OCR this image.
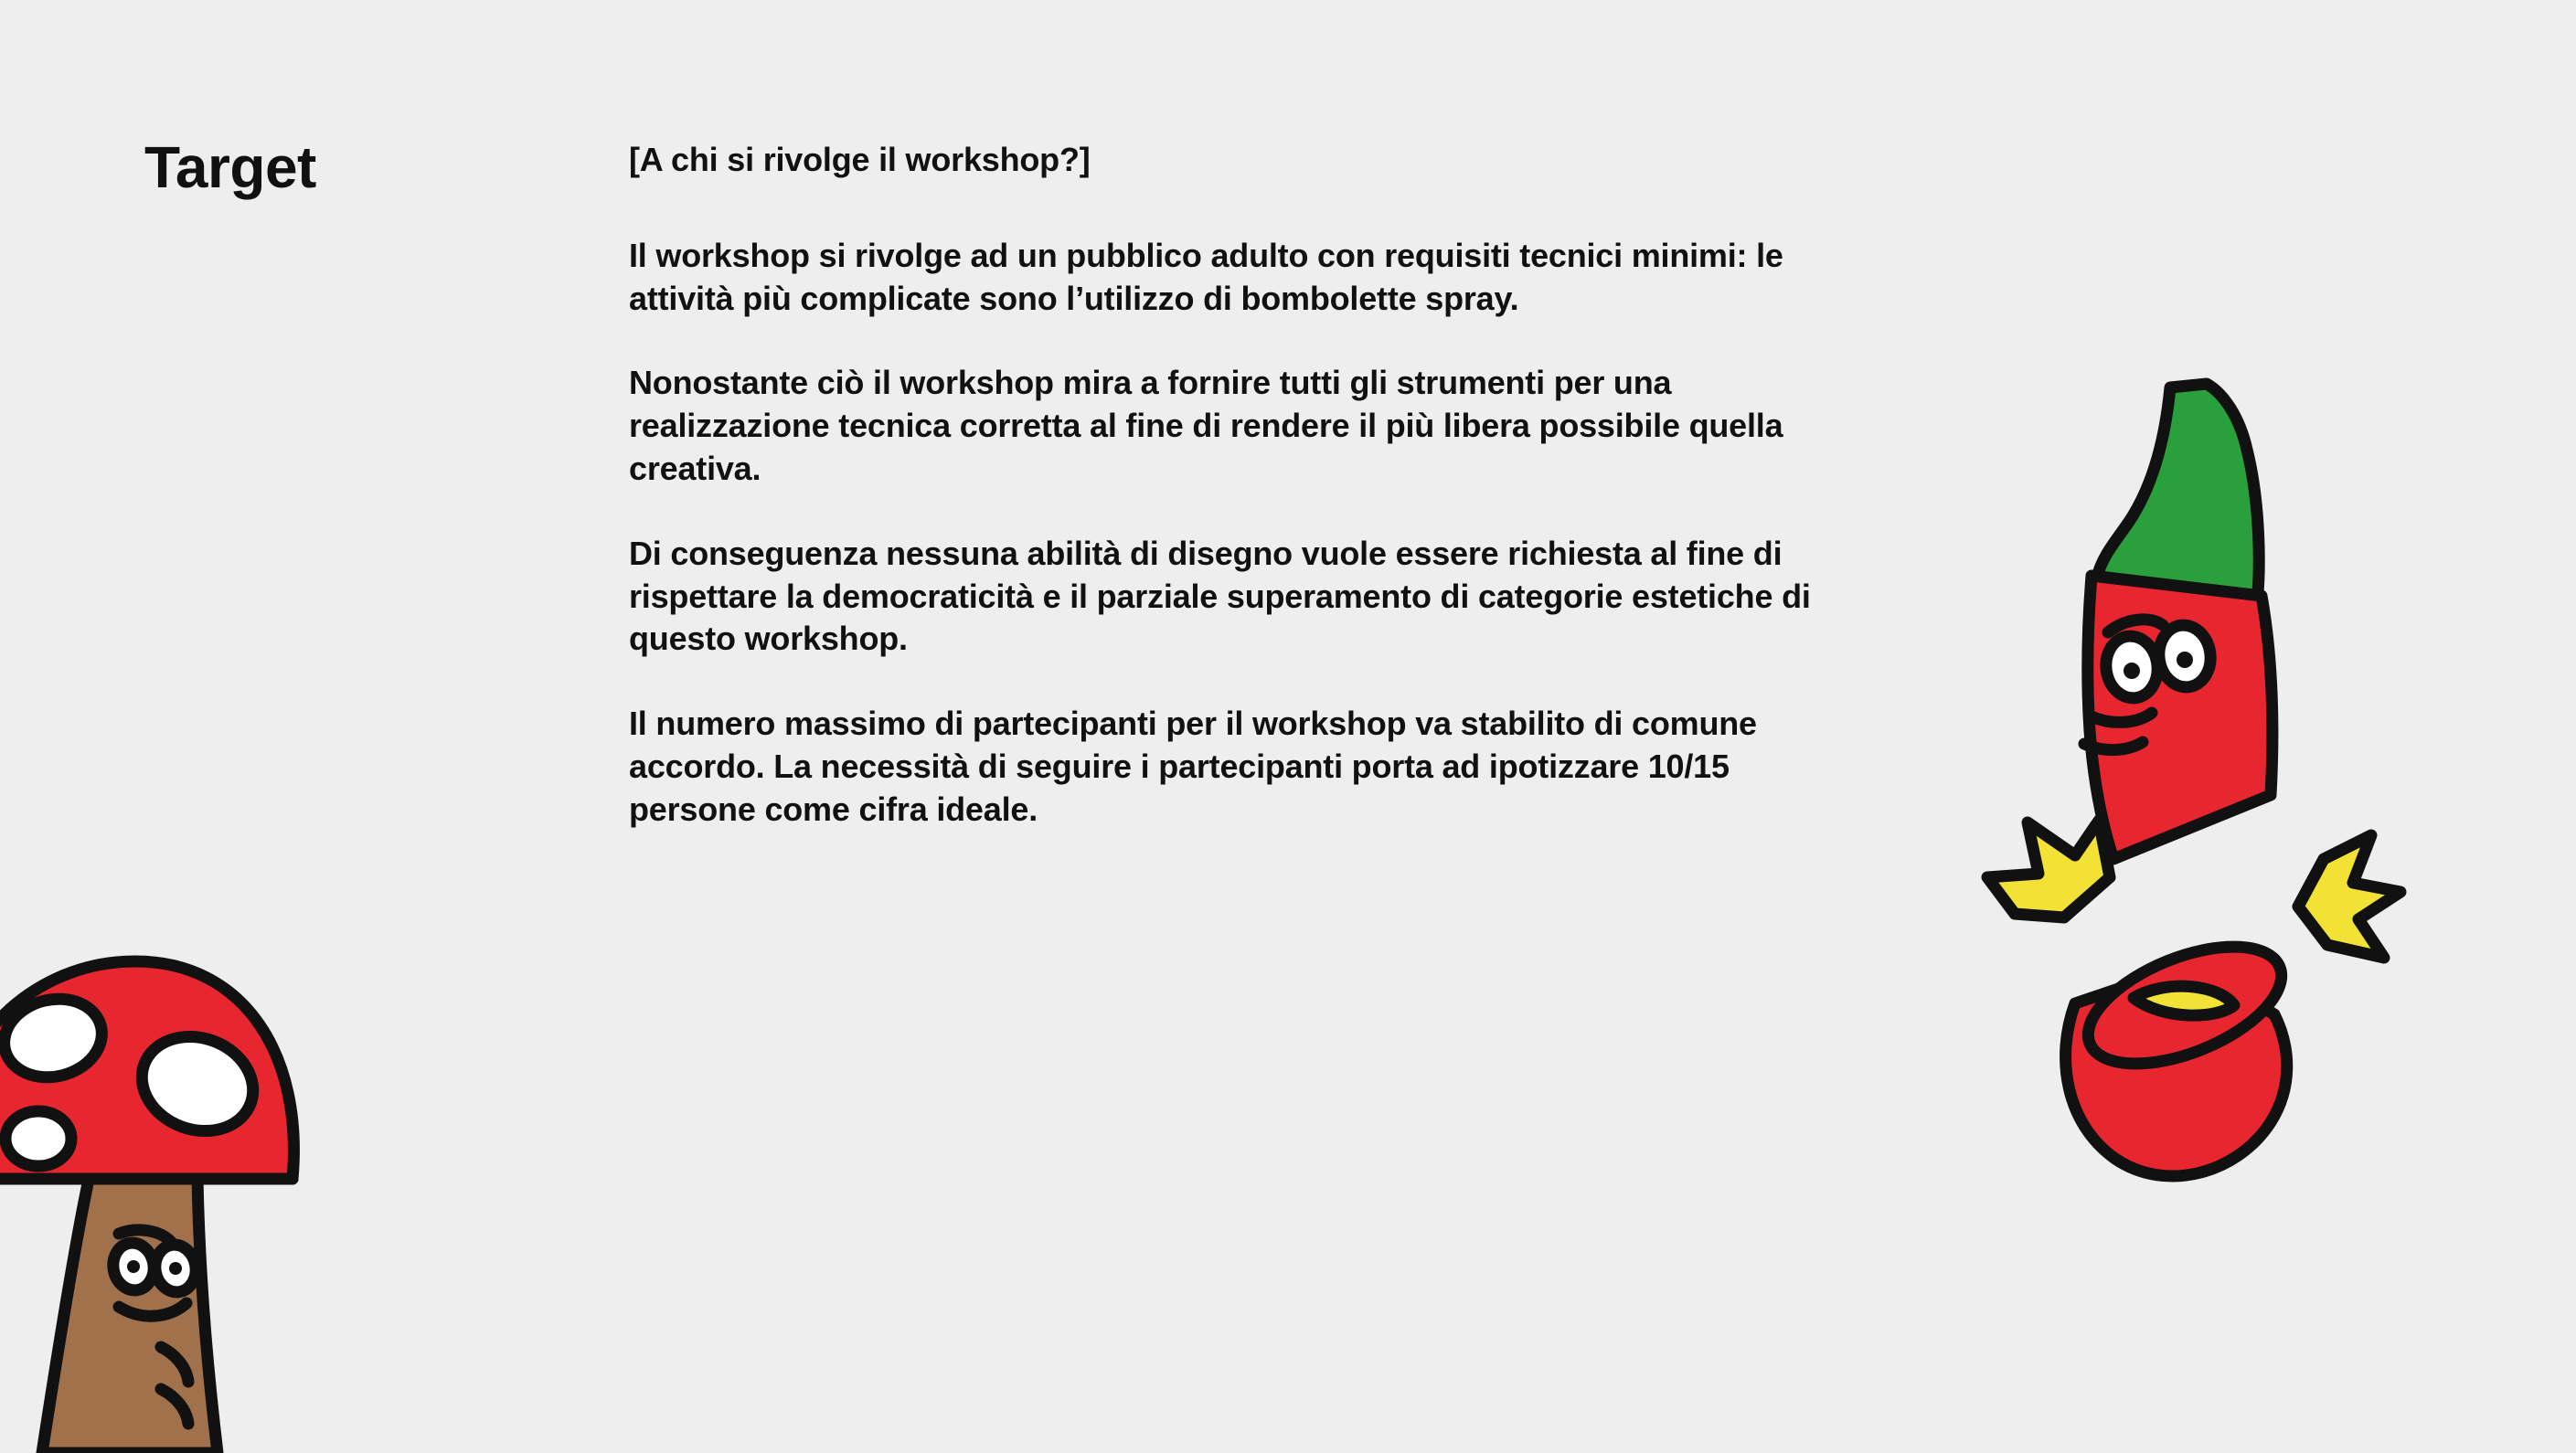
Target	[A chi si rivolge il workshop?]

Il workshop si rivolge ad un pubblico adulto con requisiti tecnici minimi: le attività più complicate sono l’utilizzo di bombolette spray.

Nonostante ciò il workshop mira a fornire tutti gli strumenti per una realizzazione tecnica corretta al fine di rendere il più libera possibile quella creativa.

Di conseguenza nessuna abilità di disegno vuole essere richiesta al fine di rispettare la democraticità e il parziale superamento di categorie estetiche di questo workshop.

Il numero massimo di partecipanti per il workshop va stabilito di comune accordo. La necessità di seguire i partecipanti porta ad ipotizzare 10/15 persone come cifra ideale.
